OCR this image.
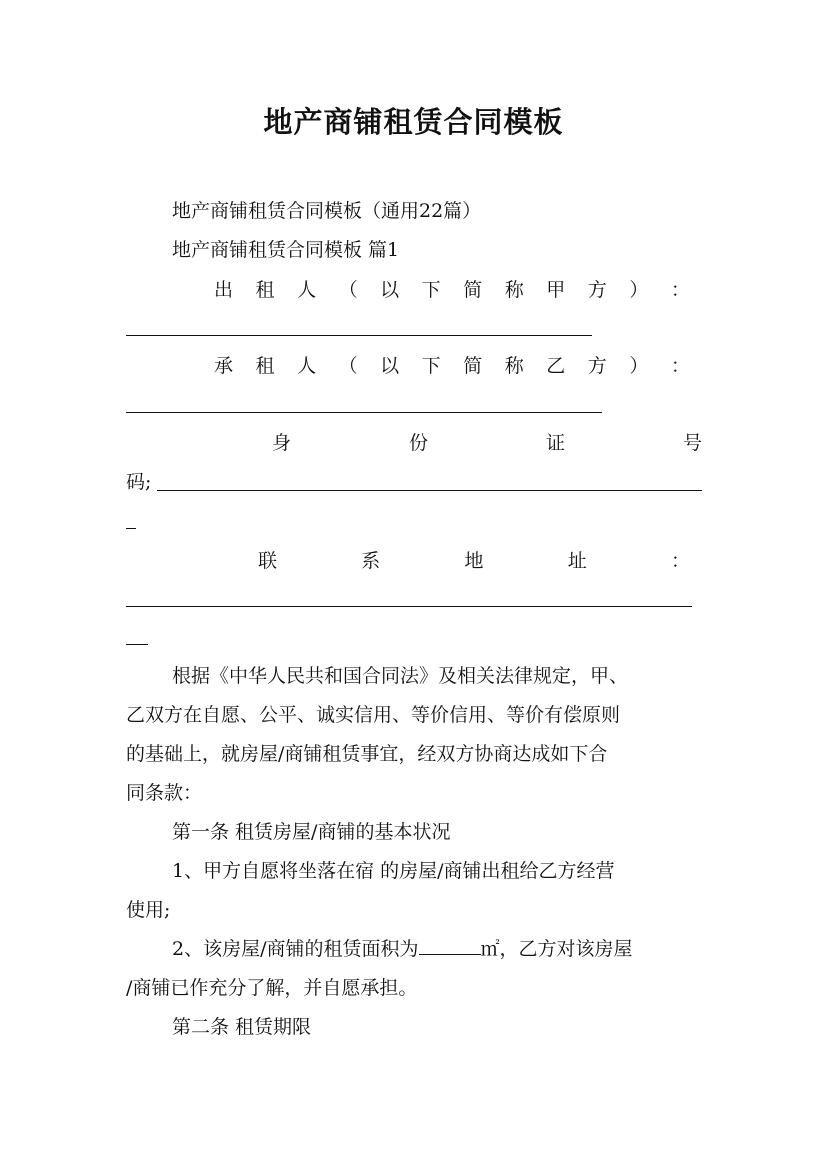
地产商铺租赁合同模板
地产商铺租赁合同模板（通用22篇）
地产商铺租赁合同模板 篇1
出 租 人 （ 以 下 简 称 甲 方 ） ：
承 租 人 （ 以 下 简 称 乙 方 ） ：
身	份	证	号
码;
联	系	地	址	：
根据《中华人民共和国合同法》及相关法律规定，甲、
乙双方在自愿、公平、诚实信用、等价信用、等价有偿原则
的基础上，就房屋/商铺租赁事宜，经双方协商达成如下合
同条款：
第一条 租赁房屋/商铺的基本状况
1、甲方自愿将坐落在宿 的房屋/商铺出租给乙方经营
使用;
2、该房屋/商铺的租赁面积为	㎡，乙方对该房屋
/商铺已作充分了解，并自愿承担。
第二条 租赁期限
